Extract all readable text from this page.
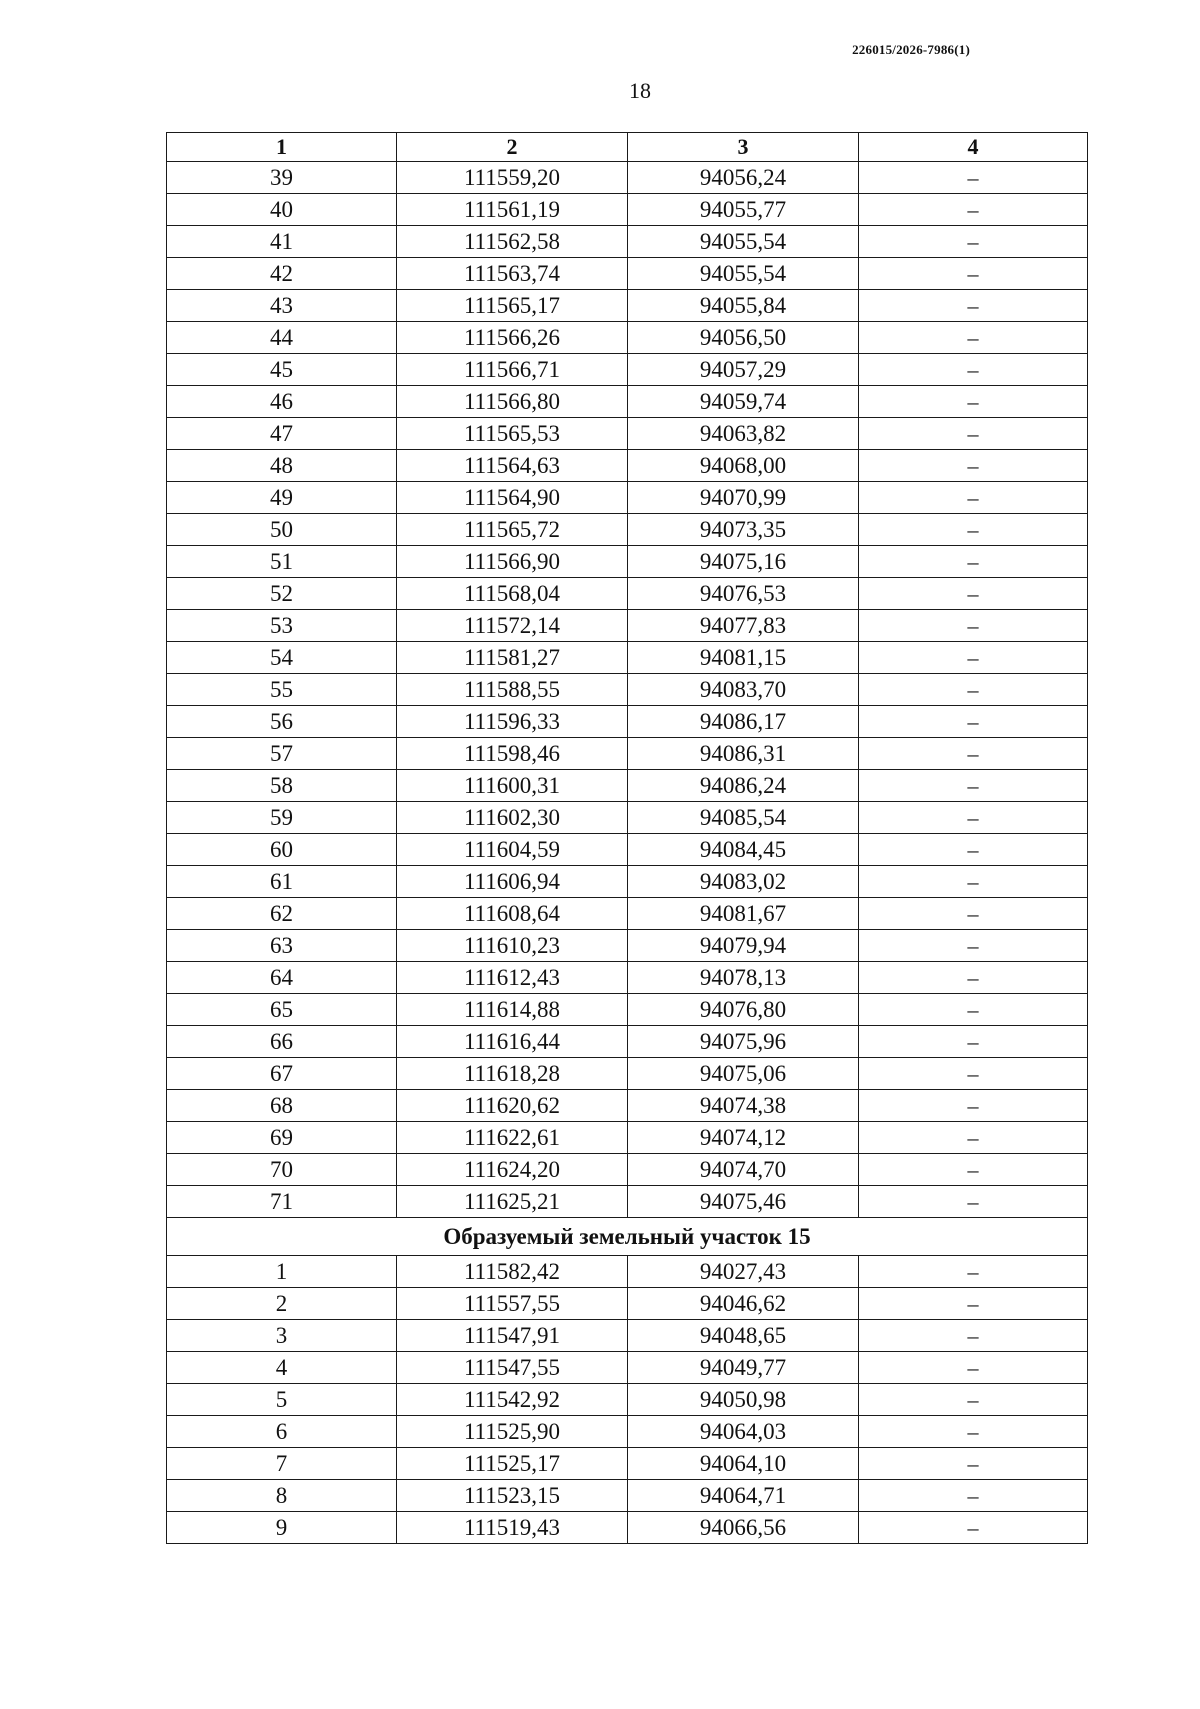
226015/2026-7986(1)
18
1	2	3	4
39	111559,20	94056,24	–
40	111561,19	94055,77	–
41	111562,58	94055,54	–
42	111563,74	94055,54	–
43	111565,17	94055,84	–
44	111566,26	94056,50	–
45	111566,71	94057,29	–
46	111566,80	94059,74	–
47	111565,53	94063,82	–
48	111564,63	94068,00	–
49	111564,90	94070,99	–
50	111565,72	94073,35	–
51	111566,90	94075,16	–
52	111568,04	94076,53	–
53	111572,14	94077,83	–
54	111581,27	94081,15	–
55	111588,55	94083,70	–
56	111596,33	94086,17	–
57	111598,46	94086,31	–
58	111600,31	94086,24	–
59	111602,30	94085,54	–
60	111604,59	94084,45	–
61	111606,94	94083,02	–
62	111608,64	94081,67	–
63	111610,23	94079,94	–
64	111612,43	94078,13	–
65	111614,88	94076,80	–
66	111616,44	94075,96	–
67	111618,28	94075,06	–
68	111620,62	94074,38	–
69	111622,61	94074,12	–
70	111624,20	94074,70	–
71	111625,21	94075,46	–
Образуемый земельный участок 15			
1	111582,42	94027,43	–
2	111557,55	94046,62	–
3	111547,91	94048,65	–
4	111547,55	94049,77	–
5	111542,92	94050,98	–
6	111525,90	94064,03	–
7	111525,17	94064,10	–
8	111523,15	94064,71	–
9	111519,43	94066,56	–
